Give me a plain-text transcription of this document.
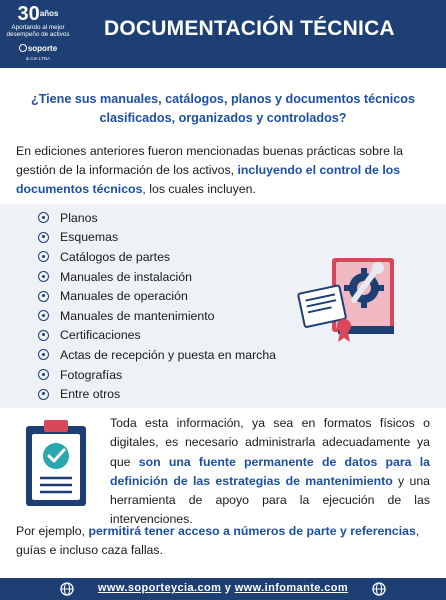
$30^{años}$
Aportando al mejor
desempeño de activos
soporte
& CIA LTDA
DOCUMENTACIÓN TÉCNICA
¿Tiene sus manuales, catálogos, planos y documentos técnicos clasificados, organizados y controlados?

En ediciones anteriores fueron mencionadas buenas prácticas sobre la gestión de la información de los activos, incluyendo el control de los documentos técnicos, los cuales incluyen.

Planos
Esquemas
Catálogos de partes
Manuales de instalación
Manuales de operación
Manuales de mantenimiento
Certificaciones
Actas de recepción y puesta en marcha
Fotografías
Entre otros

Toda esta información, ya sea en formatos físicos o digitales, es necesario administrarla adecuadamente ya que son una fuente permanente de datos para la definición de las estrategias de mantenimiento y una herramienta de apoyo para la ejecución de las intervenciones.

Por ejemplo, permitirá tener acceso a números de parte y referencias, guías e incluso caza fallas.

www.soporteycia.com y www.infomante.com
